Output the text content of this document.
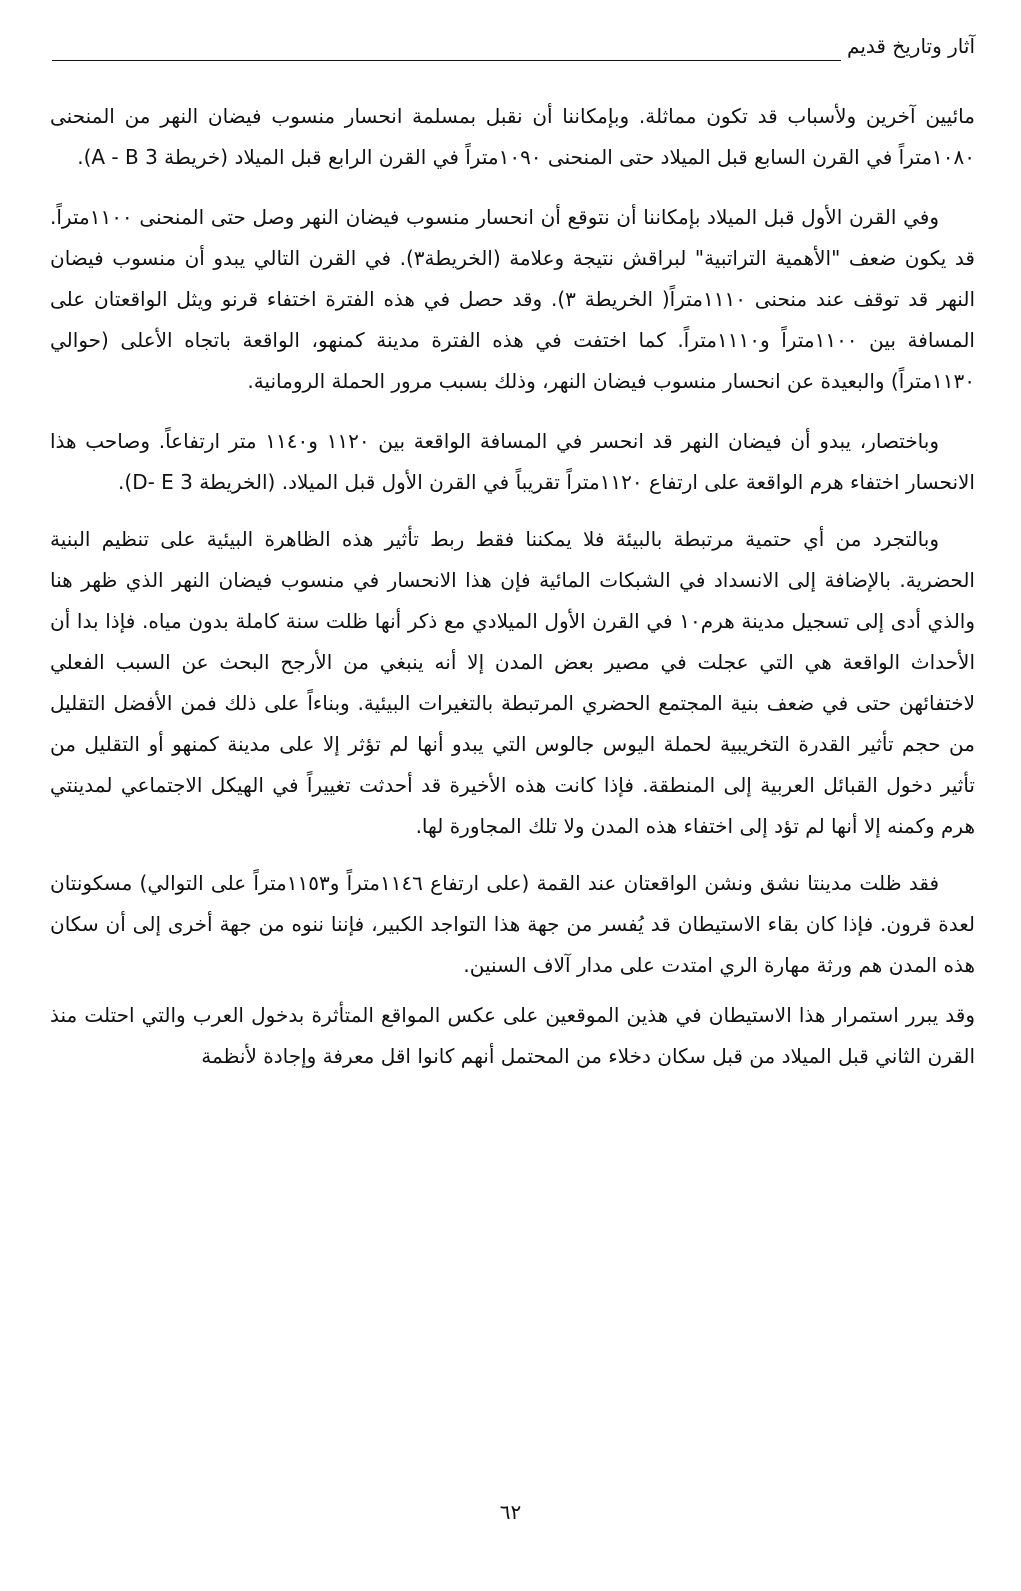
آثار وتاريخ قديم

مائيين آخرين ولأسباب قد تكون مماثلة. وبإمكاننا أن نقبل بمسلمة انحسار منسوب فيضان النهر من المنحنى ١٠٨٠متراً في القرن السابع قبل الميلاد حتى المنحنى ١٠٩٠متراً في القرن الرابع قبل الميلاد (خريطة 3 A - B).

وفي القرن الأول قبل الميلاد بإمكاننا أن نتوقع أن انحسار منسوب فيضان النهر وصل حتى المنحنى ١١٠٠متراً. قد يكون ضعف "الأهمية التراتبية" لبراقش نتيجة وعلامة (الخريطة٣). في القرن التالي يبدو أن منسوب فيضان النهر قد توقف عند منحنى ١١١٠متراً( الخريطة ٣). وقد حصل في هذه الفترة اختفاء قرنو ويثل الواقعتان على المسافة بين ١١٠٠متراً و١١١٠متراً. كما اختفت في هذه الفترة مدينة كمنهو، الواقعة باتجاه الأعلى (حوالي ١١٣٠متراً) والبعيدة عن انحسار منسوب فيضان النهر، وذلك بسبب مرور الحملة الرومانية.

وباختصار، يبدو أن فيضان النهر قد انحسر في المسافة الواقعة بين ١١٢٠ و١١٤٠ متر ارتفاعاً. وصاحب هذا الانحسار اختفاء هرم الواقعة على ارتفاع ١١٢٠متراً تقريباً في القرن الأول قبل الميلاد. (الخريطة 3 D- E).

وبالتجرد من أي حتمية مرتبطة بالبيئة فلا يمكننا فقط ربط تأثير هذه الظاهرة البيئية على تنظيم البنية الحضرية. بالإضافة إلى الانسداد في الشبكات المائية فإن هذا الانحسار في منسوب فيضان النهر الذي ظهر هنا والذي أدى إلى تسجيل مدينة هرم١٠ في القرن الأول الميلادي مع ذكر أنها ظلت سنة كاملة بدون مياه. فإذا بدا أن الأحداث الواقعة هي التي عجلت في مصير بعض المدن إلا أنه ينبغي من الأرجح البحث عن السبب الفعلي لاختفائهن حتى في ضعف بنية المجتمع الحضري المرتبطة بالتغيرات البيئية. وبناءاً على ذلك فمن الأفضل التقليل من حجم تأثير القدرة التخريبية لحملة اليوس جالوس التي يبدو أنها لم تؤثر إلا على مدينة كمنهو أو التقليل من تأثير دخول القبائل العربية إلى المنطقة. فإذا كانت هذه الأخيرة قد أحدثت تغييراً في الهيكل الاجتماعي لمدينتي هرم وكمنه إلا أنها لم تؤد إلى اختفاء هذه المدن ولا تلك المجاورة لها.

فقد ظلت مدينتا نشق ونشن الواقعتان عند القمة (على ارتفاع ١١٤٦متراً و١١٥٣متراً على التوالي) مسكونتان لعدة قرون. فإذا كان بقاء الاستيطان قد يُفسر من جهة هذا التواجد الكبير، فإننا ننوه من جهة أخرى إلى أن سكان هذه المدن هم ورثة مهارة الري امتدت على مدار آلاف السنين.

وقد يبرر استمرار هذا الاستيطان في هذين الموقعين على عكس المواقع المتأثرة بدخول العرب والتي احتلت منذ القرن الثاني قبل الميلاد من قبل سكان دخلاء من المحتمل أنهم كانوا اقل معرفة وإجادة لأنظمة

٦٢
